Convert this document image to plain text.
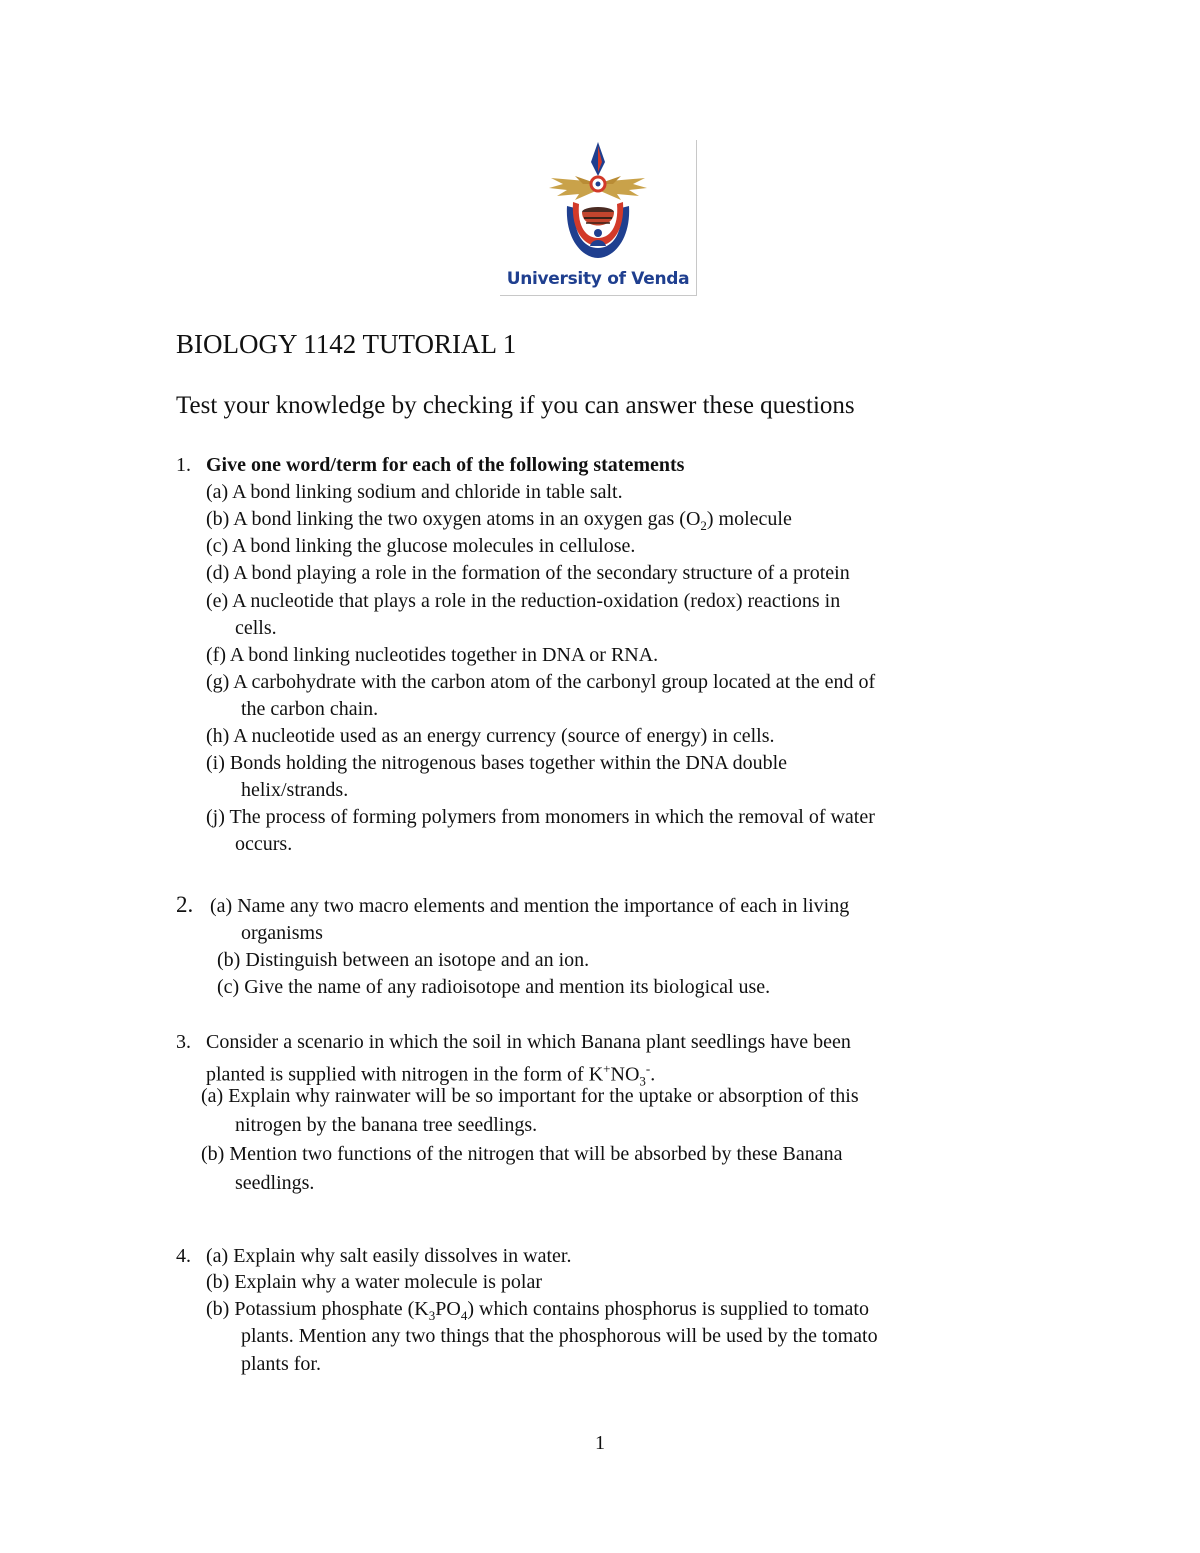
University of Venda
BIOLOGY 1142 TUTORIAL 1
Test your knowledge by checking if you can answer these questions
1. Give one word/term for each of the following statements
(a) A bond linking sodium and chloride in table salt.
(b) A bond linking the two oxygen atoms in an oxygen gas $(O_2)$ molecule
(c) A bond linking the glucose molecules in cellulose.
(d) A bond playing a role in the formation of the secondary structure of a protein
(e) A nucleotide that plays a role in the reduction-oxidation (redox) reactions in
cells.
(f) A bond linking nucleotides together in DNA or RNA.
(g) A carbohydrate with the carbon atom of the carbonyl group located at the end of
the carbon chain.
(h) A nucleotide used as an energy currency (source of energy) in cells.
(i) Bonds holding the nitrogenous bases together within the DNA double
helix/strands.
(j) The process of forming polymers from monomers in which the removal of water
occurs.
2. (a) Name any two macro elements and mention the importance of each in living
organisms
(b) Distinguish between an isotope and an ion.
(c) Give the name of any radioisotope and mention its biological use.
3. Consider a scenario in which the soil in which Banana plant seedlings have been
planted is supplied with nitrogen in the form of $K^+NO_3^-$.
(a) Explain why rainwater will be so important for the uptake or absorption of this
nitrogen by the banana tree seedlings.
(b) Mention two functions of the nitrogen that will be absorbed by these Banana
seedlings.
4. (a) Explain why salt easily dissolves in water.
(b) Explain why a water molecule is polar
(b) Potassium phosphate $(K_3PO_4)$ which contains phosphorus is supplied to tomato
plants. Mention any two things that the phosphorous will be used by the tomato
plants for.
1
